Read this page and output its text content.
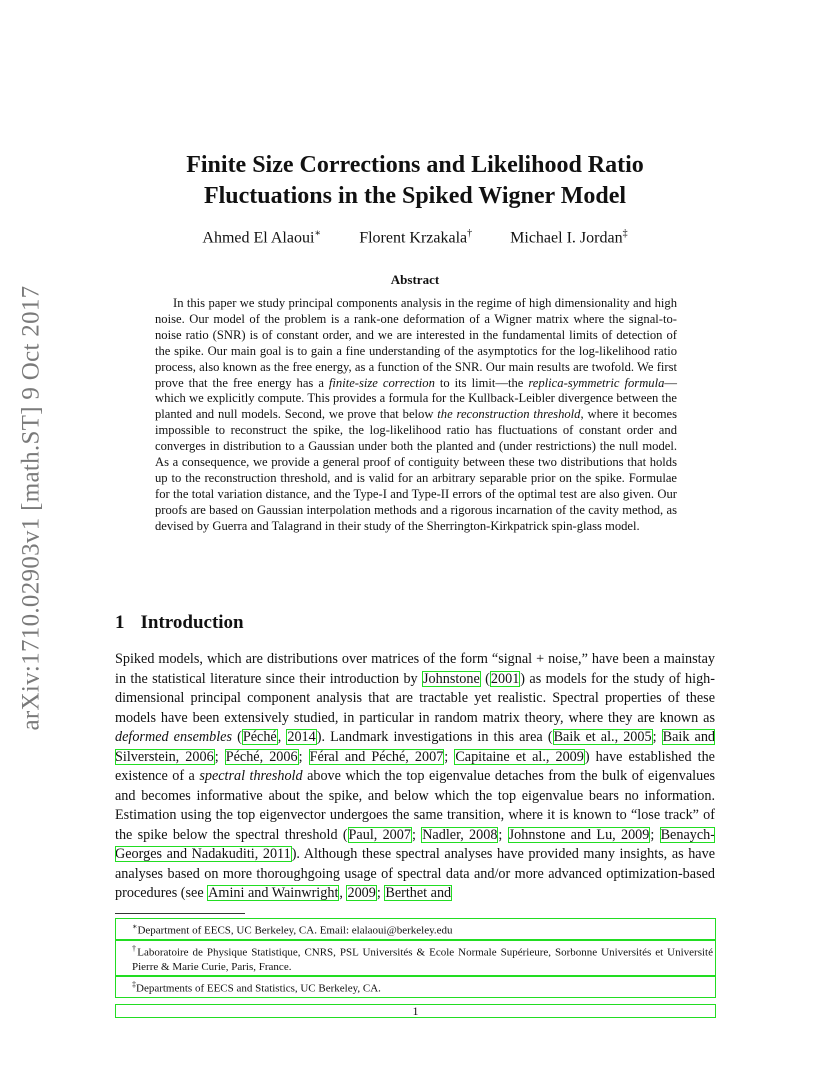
arXiv:1710.02903v1 [math.ST] 9 Oct 2017
Finite Size Corrections and Likelihood Ratio
Fluctuations in the Spiked Wigner Model
Ahmed El Alaoui∗ Florent Krzakala† Michael I. Jordan‡
Abstract

In this paper we study principal components analysis in the regime of high dimensionality and high noise. Our model of the problem is a rank-one deformation of a Wigner matrix where the signal-to-noise ratio (SNR) is of constant order, and we are interested in the fundamental limits of detection of the spike. Our main goal is to gain a fine understanding of the asymptotics for the log-likelihood ratio process, also known as the free energy, as a function of the SNR. Our main results are twofold. We first prove that the free energy has a finite-size correction to its limit—the replica-symmetric formula—which we explicitly compute. This provides a formula for the Kullback-Leibler divergence between the planted and null models. Second, we prove that below the reconstruction threshold, where it becomes impossible to reconstruct the spike, the log-likelihood ratio has fluctuations of constant order and converges in distribution to a Gaussian under both the planted and (under restrictions) the null model. As a consequence, we provide a general proof of contiguity between these two distributions that holds up to the reconstruction threshold, and is valid for an arbitrary separable prior on the spike. Formulae for the total variation distance, and the Type-I and Type-II errors of the optimal test are also given. Our proofs are based on Gaussian interpolation methods and a rigorous incarnation of the cavity method, as devised by Guerra and Talagrand in their study of the Sherrington-Kirkpatrick spin-glass model.

1 Introduction

Spiked models, which are distributions over matrices of the form “signal + noise,” have been a mainstay in the statistical literature since their introduction by Johnstone (2001) as models for the study of high-dimensional principal component analysis that are tractable yet realistic. Spectral properties of these models have been extensively studied, in particular in random matrix theory, where they are known as deformed ensembles (Péché, 2014). Landmark investigations in this area (Baik et al., 2005; Baik and Silverstein, 2006; Péché, 2006; Féral and Péché, 2007; Capitaine et al., 2009) have established the existence of a spectral threshold above which the top eigenvalue detaches from the bulk of eigenvalues and becomes informative about the spike, and below which the top eigenvalue bears no information. Estimation using the top eigenvector undergoes the same transition, where it is known to “lose track” of the spike below the spectral threshold (Paul, 2007; Nadler, 2008; Johnstone and Lu, 2009; Benaych-Georges and Nadakuditi, 2011). Although these spectral analyses have provided many insights, as have analyses based on more thoroughgoing usage of spectral data and/or more advanced optimization-based procedures (see Amini and Wainwright, 2009; Berthet and

∗Department of EECS, UC Berkeley, CA. Email: elalaoui@berkeley.edu
†Laboratoire de Physique Statistique, CNRS, PSL Universités & Ecole Normale Supérieure, Sorbonne Universités et Université Pierre & Marie Curie, Paris, France.
‡Departments of EECS and Statistics, UC Berkeley, CA.
1
